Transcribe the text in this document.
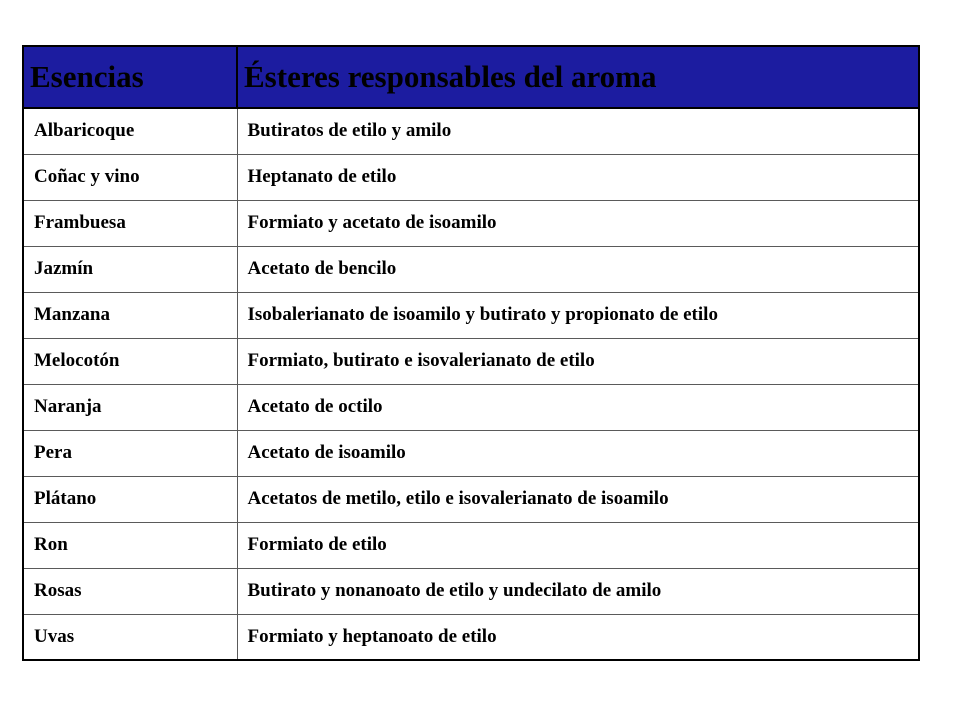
Esencias	Ésteres responsables del aroma
Albaricoque	Butiratos de etilo y amilo
Coñac y vino	Heptanato de etilo
Frambuesa	Formiato y acetato de isoamilo
Jazmín	Acetato de bencilo
Manzana	Isobalerianato de isoamilo y butirato y propionato de etilo
Melocotón	Formiato, butirato e isovalerianato de etilo
Naranja	Acetato de octilo
Pera	Acetato de isoamilo
Plátano	Acetatos de metilo, etilo e isovalerianato de isoamilo
Ron	Formiato de etilo
Rosas	Butirato y nonanoato de etilo y undecilato de amilo
Uvas	Formiato y heptanoato de etilo
